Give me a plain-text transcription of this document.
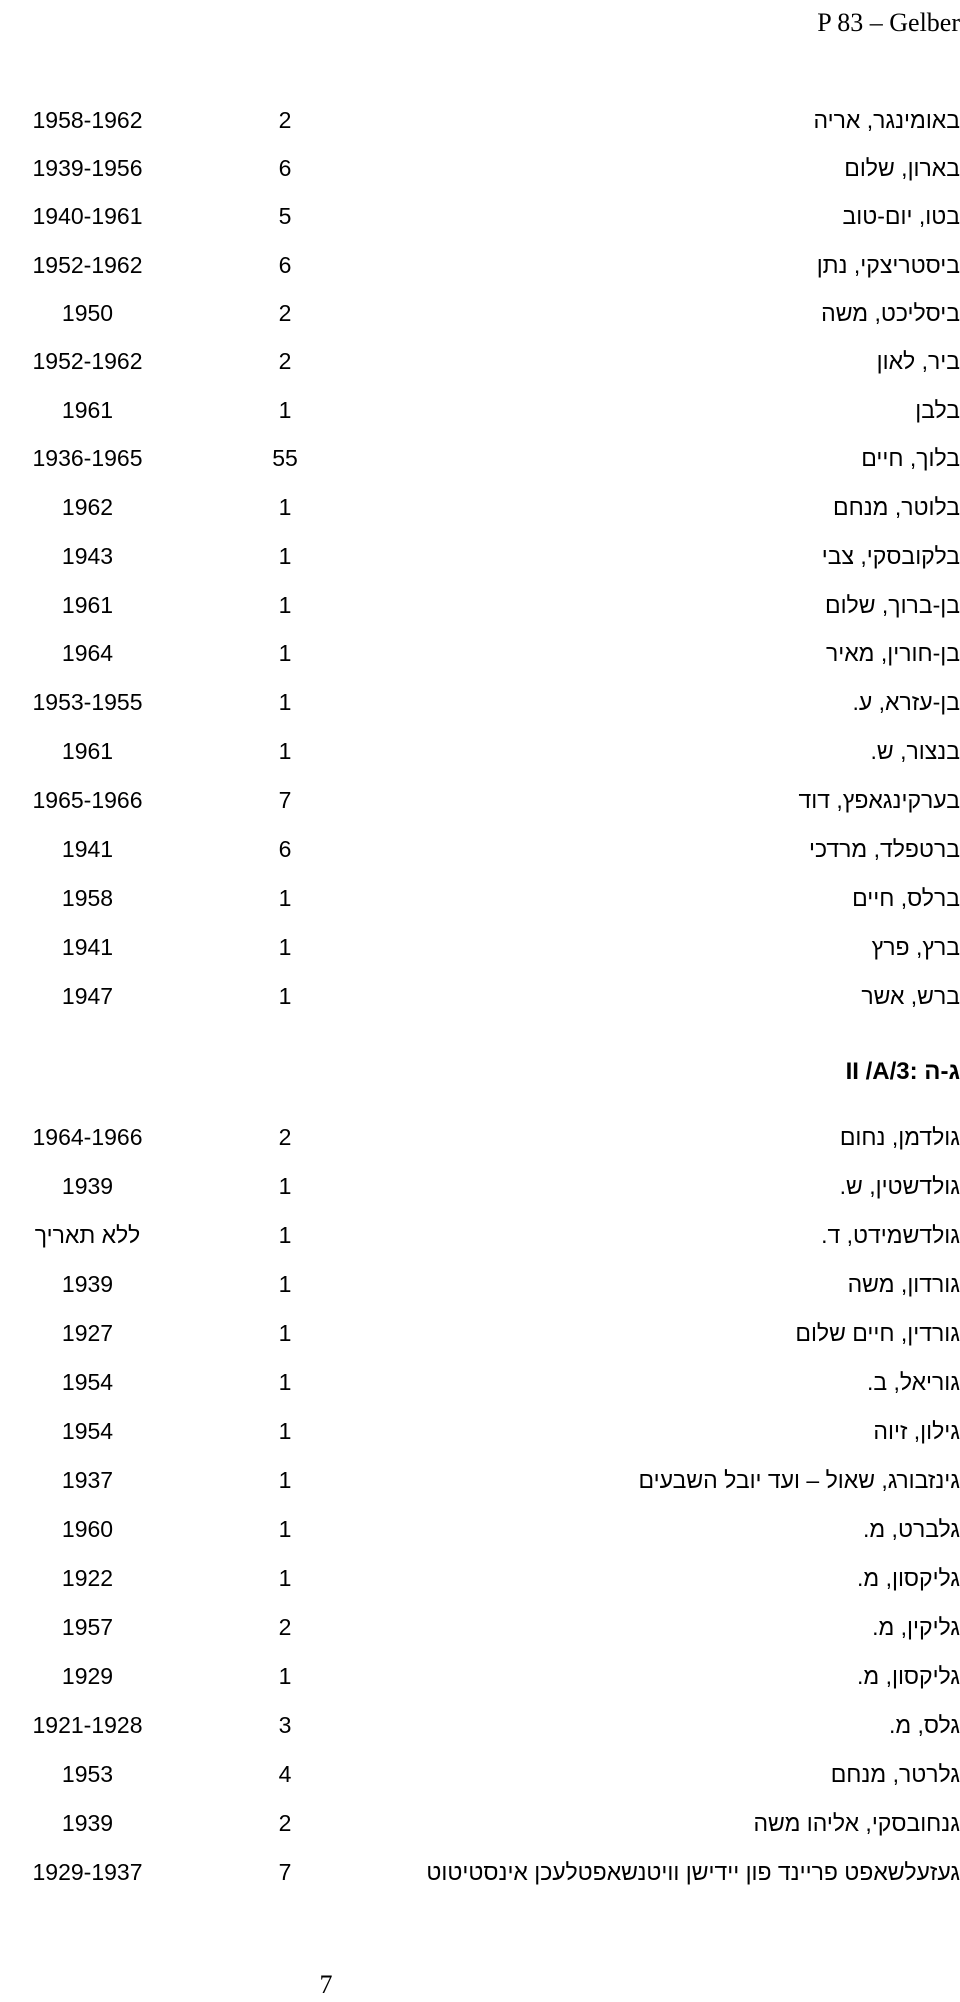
P 83 – Gelber
באומינגר, אריה
2
1958-1962
בארון, שלום
6
1939-1956
בטו, יום-טוב
5
1940-1961
ביסטריצקי, נתן
6
1952-1962
ביסליכט, משה
2
1950
ביר, לאון
2
1952-1962
בלבן
1
1961
בלוך, חיים
55
1936-1965
בלוטר, מנחם
1
1962
בלקובסקי, צבי
1
1943
בן-ברוך, שלום
1
1961
בן-חורין, מאיר
1
1964
בן-עזרא, ע.
1
1953-1955
בנצור, ש.
1
1961
בערקינגאפץ, דוד
7
1965-1966
ברטפלד, מרדכי
6
1941
ברלס, חיים
1
1958
ברץ, פרץ
1
1941
ברש, אשר
1
1947
ג-ה :II /A/3
גולדמן, נחום
2
1964-1966
גולדשטין, ש.
1
1939
גולדשמידט, ד.
1
ללא תאריך
גורדון, משה
1
1939
גורדין, חיים שלום
1
1927
גוריאל, ב.
1
1954
גילון, זיוה
1
1954
גינזבורג, שאול – ועד יובל השבעים
1
1937
גלברט, מ.
1
1960
גליקסון, מ.
1
1922
גליקין, מ.
2
1957
גליקסון, מ.
1
1929
גלס, מ.
3
1921-1928
גלרטר, מנחם
4
1953
גנחובסקי, אליהו משה
2
1939
געזעלשאפט פריינד פון יידישן וויטנשאפטלעכן אינסטיטוט
7
1929-1937
7
